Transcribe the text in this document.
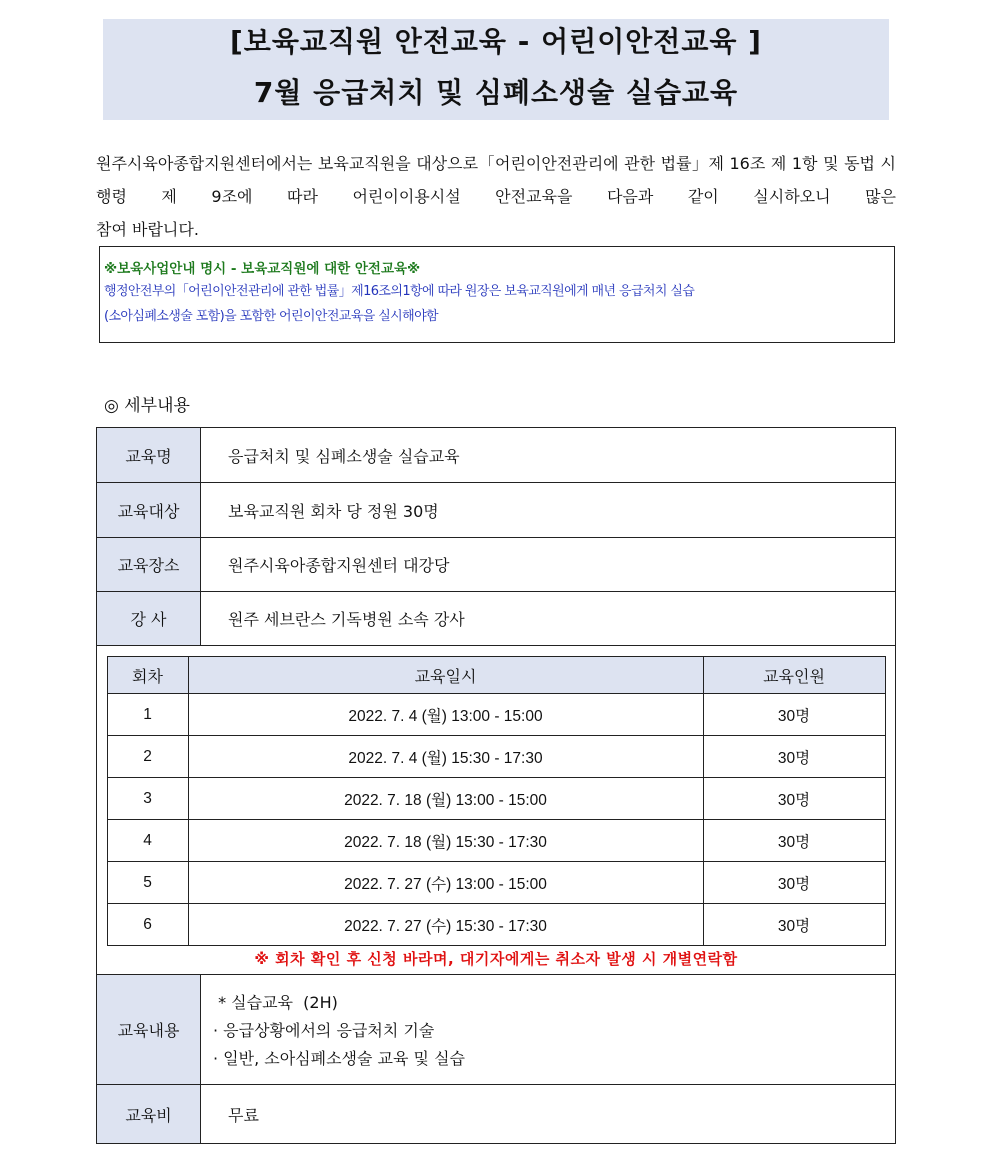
[보육교직원 안전교육 - 어린이안전교육 ]
7월 응급처치 및 심폐소생술 실습교육
원주시육아종합지원센터에서는 보육교직원을 대상으로「어린이안전관리에 관한 법률」제 16조 제 1항 및 동법 시행령 제 9조에 따라 어린이이용시설 안전교육을 다음과 같이 실시하오니 많은
참여 바랍니다.
※보육사업안내 명시 - 보육교직원에 대한 안전교육※
행정안전부의「어린이안전관리에 관한 법률」제16조의1항에 따라 원장은 보육교직원에게 매년 응급처치 실습
(소아심폐소생술 포함)을 포함한 어린이안전교육을 실시해야함
◎ 세부내용
교육명	응급처치 및 심폐소생술 실습교육
교육대상	보육교직원 회차 당 정원 30명
교육장소	원주시육아종합지원센터 대강당
강 사	원주 세브란스 기독병원 소속 강사

회차	교육일시	교육인원
1	2022. 7. 4 (월) 13:00 - 15:00	30명
2	2022. 7. 4 (월) 15:30 - 17:30	30명
3	2022. 7. 18 (월) 13:00 - 15:00	30명
4	2022. 7. 18 (월) 15:30 - 17:30	30명
5	2022. 7. 27 (수) 13:00 - 15:00	30명
6	2022. 7. 27 (수) 15:30 - 17:30	30명
※ 회차 확인 후 신청 바라며, 대기자에게는 취소자 발생 시 개별연락함

교육내용	
* 실습교육  (2H)
· 응급상황에서의 응급처치 기술
· 일반, 소아심폐소생술 교육 및 실습

교육비	무료
